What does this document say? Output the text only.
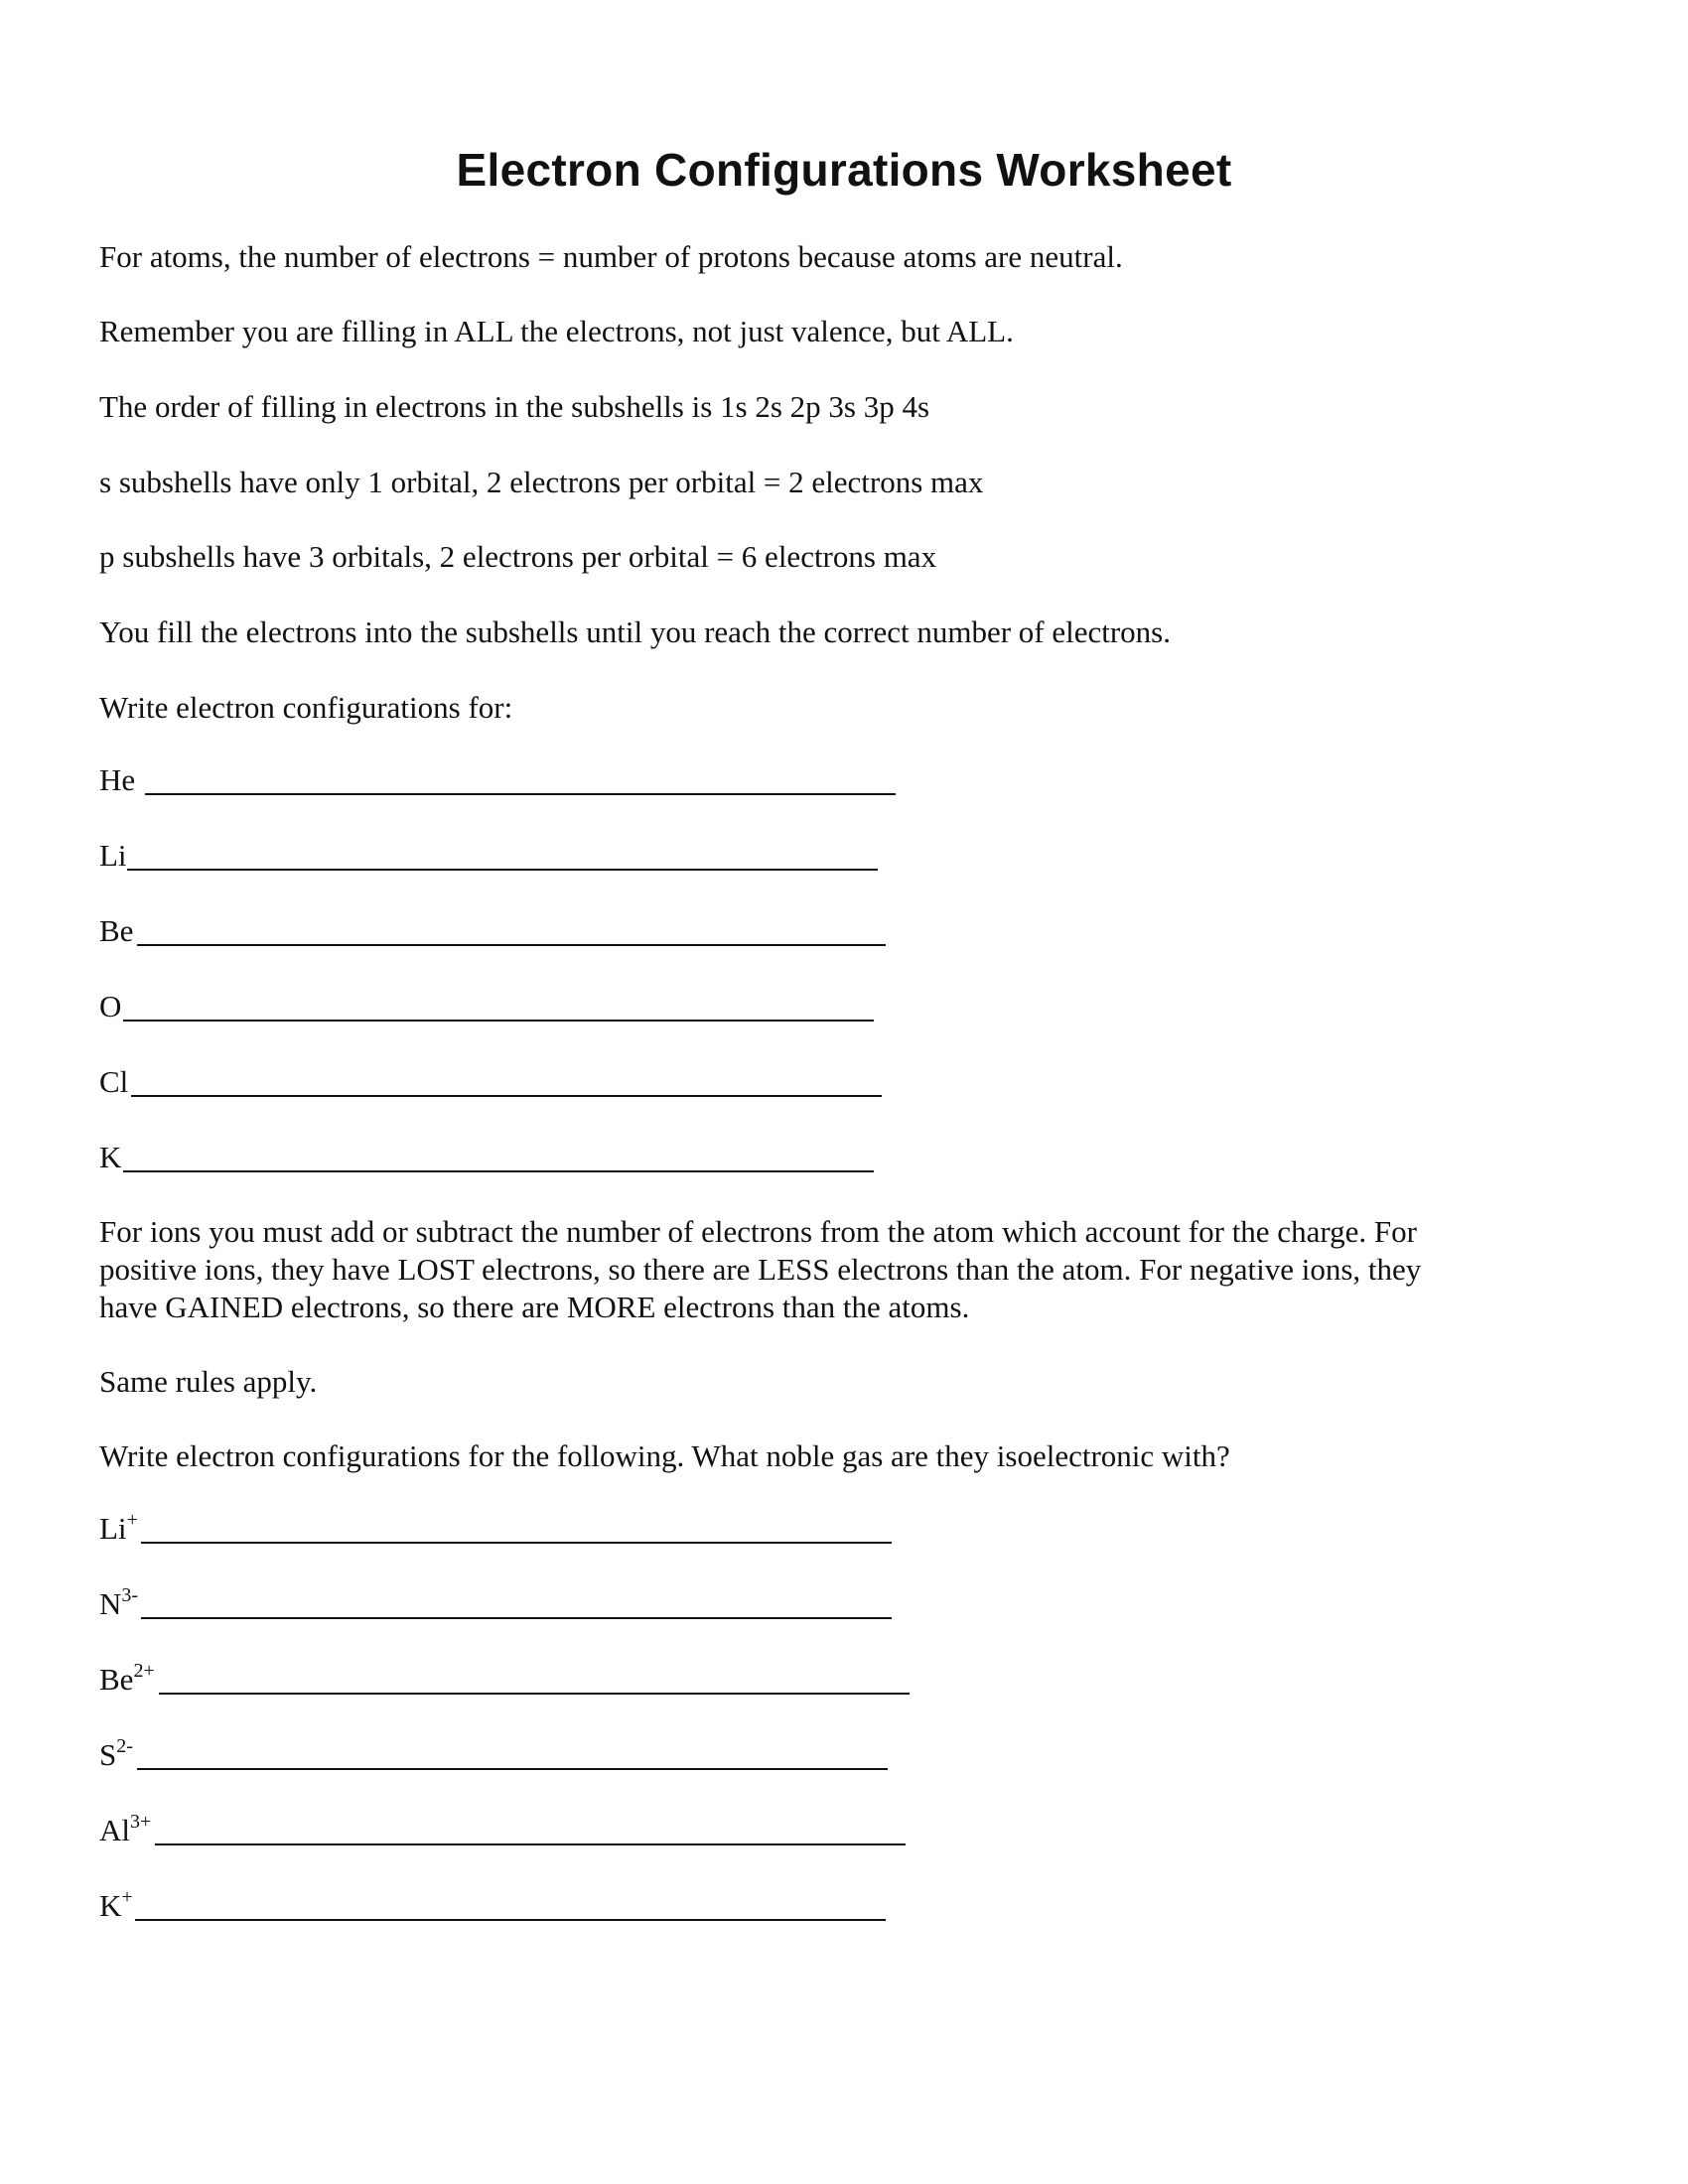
Electron Configurations Worksheet
For atoms, the number of electrons = number of protons because atoms are neutral.
Remember you are filling in ALL the electrons, not just valence, but ALL.
The order of filling in electrons in the subshells is 1s 2s 2p 3s 3p 4s
s subshells have only 1 orbital, 2 electrons per orbital = 2 electrons max
p subshells have 3 orbitals, 2 electrons per orbital = 6 electrons max
You fill the electrons into the subshells until you reach the correct number of electrons.
Write electron configurations for:
He
Li
Be
O
Cl
K
For ions you must add or subtract the number of electrons from the atom which account for the charge. For
positive ions, they have LOST electrons, so there are LESS electrons than the atom. For negative ions, they
have GAINED electrons, so there are MORE electrons than the atoms.
Same rules apply.
Write electron configurations for the following. What noble gas are they isoelectronic with?
Li+
$N^{3-}$
$Be^{2+}$
$S^{2-}$
$Al^{3+}$
K+
